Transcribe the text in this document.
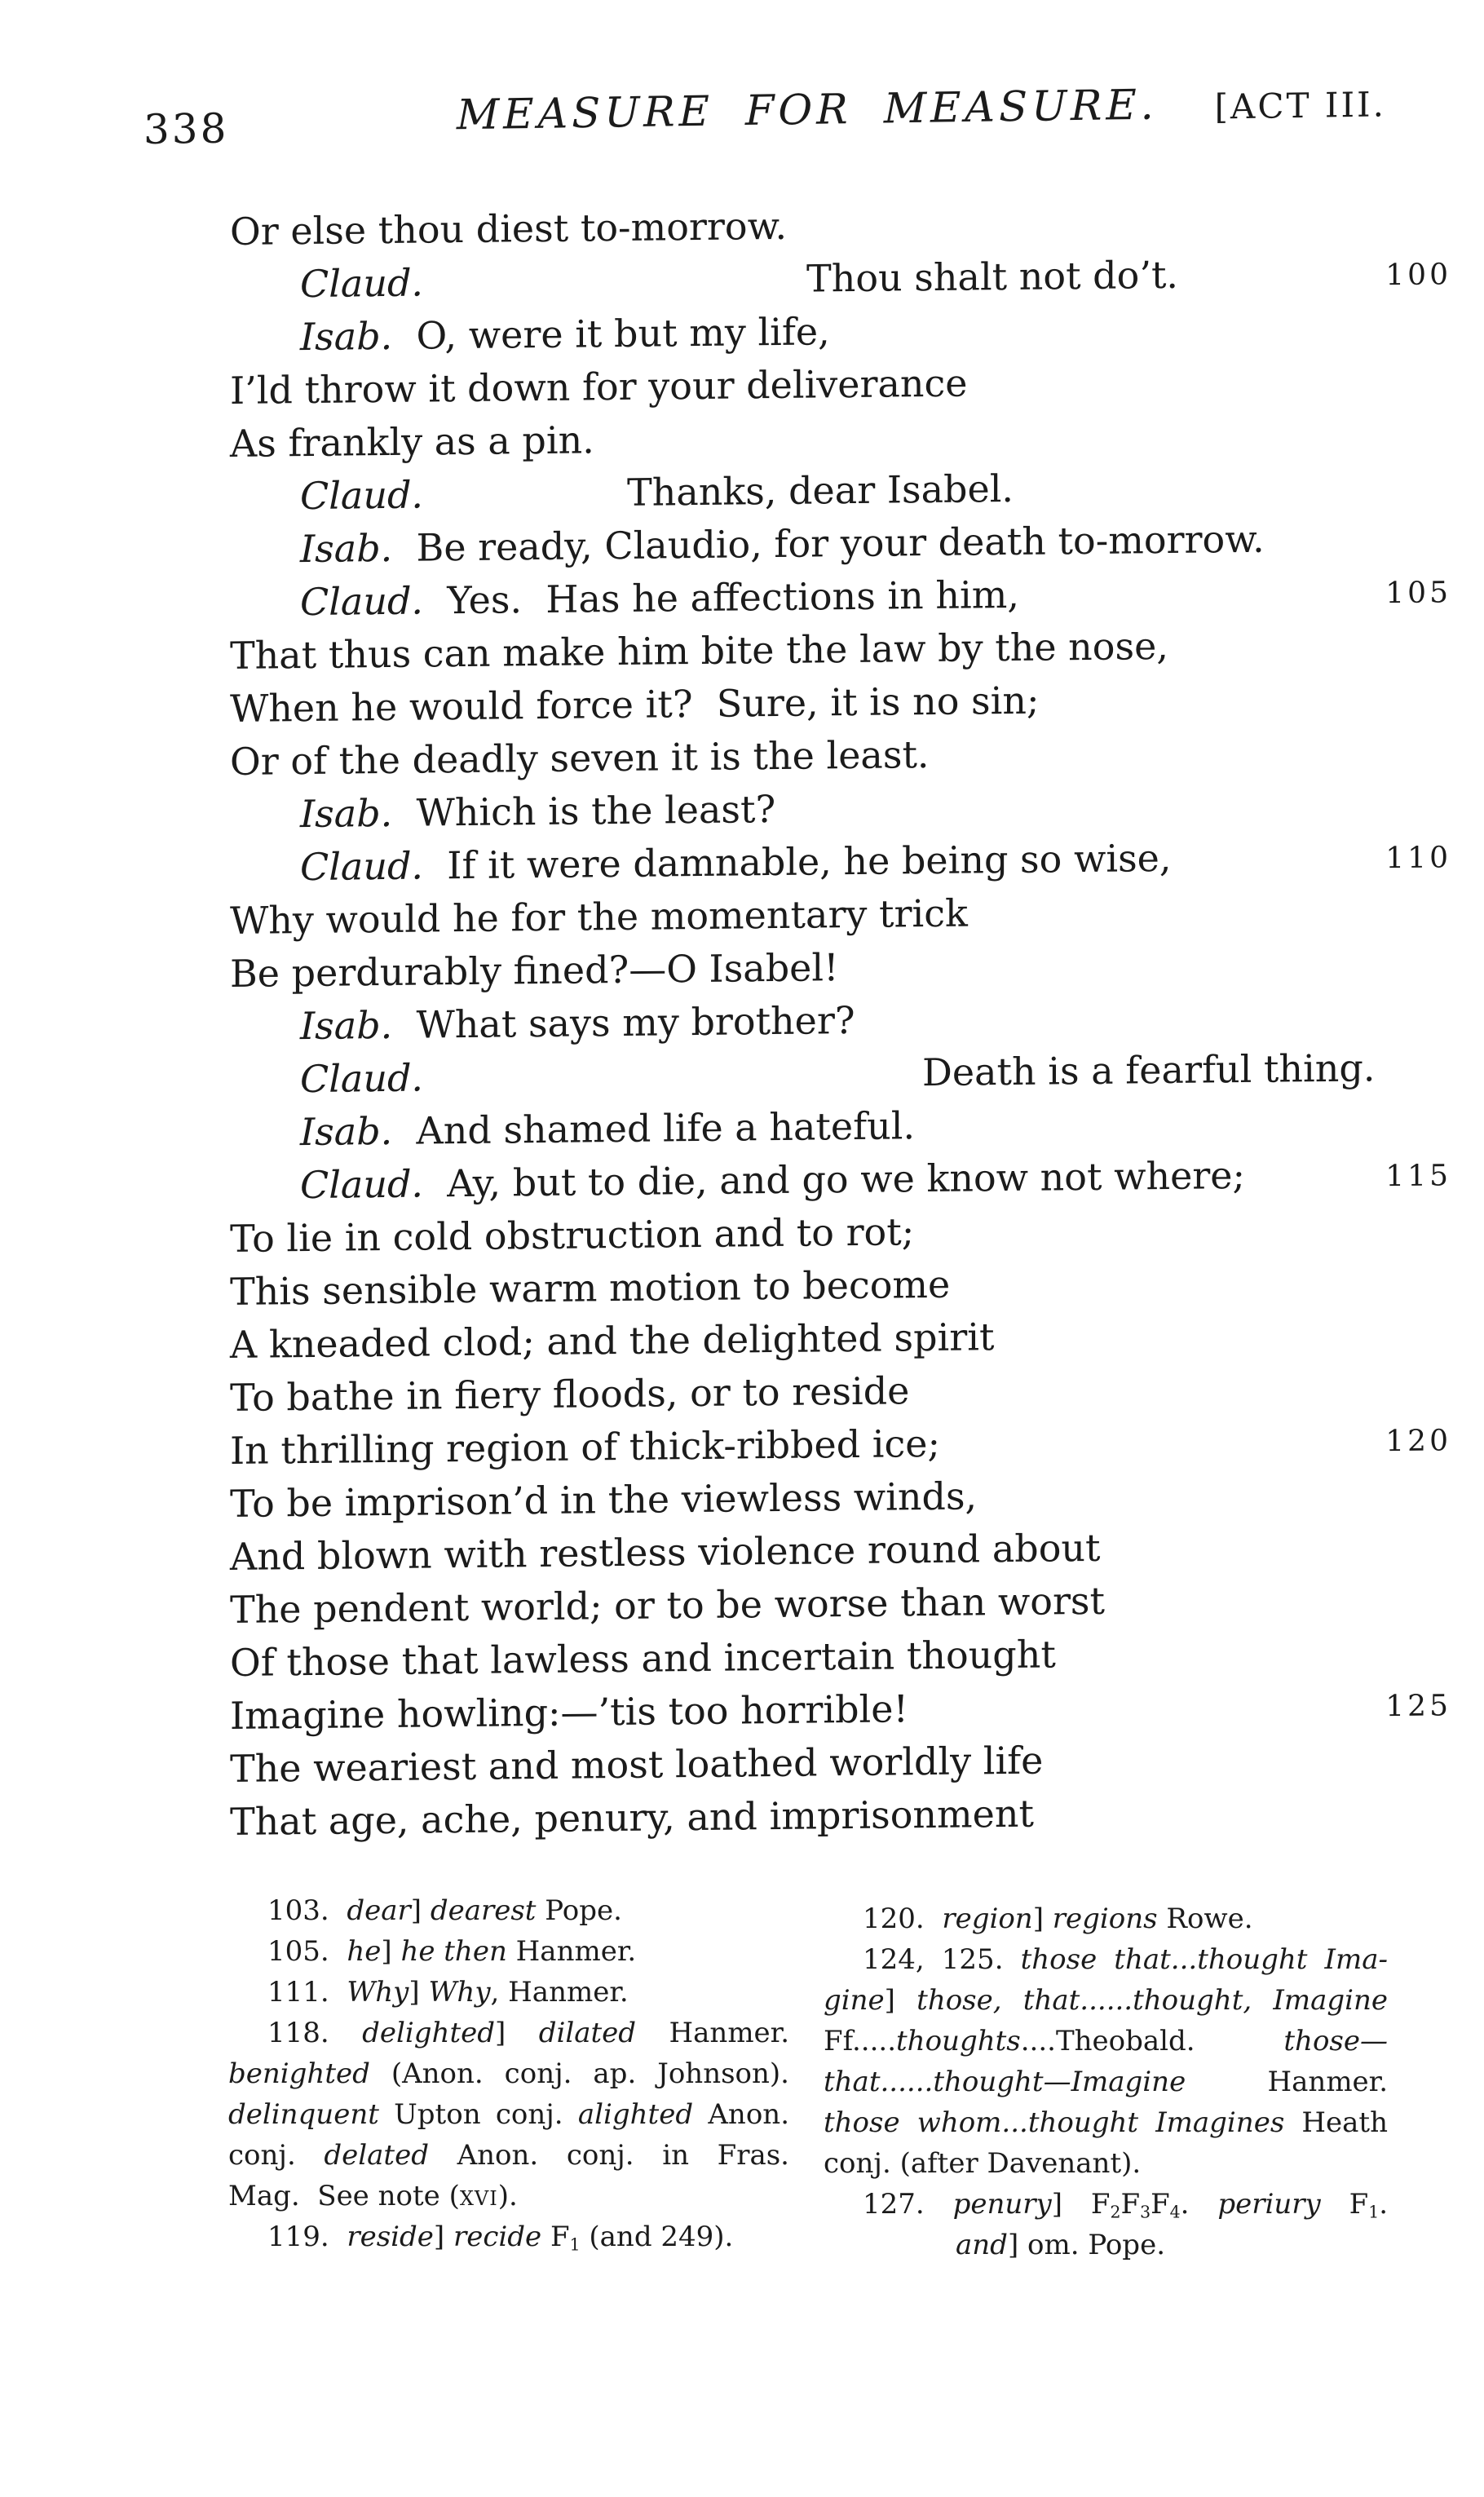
338	MEASURE FOR MEASURE. [ACT III.
Or else thou diest to-morrow.
Claud.	Thou shalt not do’t.	100
Isab.  O, were it but my life,
I’ld throw it down for your deliverance
As frankly as a pin.
Claud.	Thanks, dear Isabel.
Isab.  Be ready, Claudio, for your death to-morrow.
Claud.  Yes.  Has he affections in him,	105
That thus can make him bite the law by the nose,
When he would force it?  Sure, it is no sin;
Or of the deadly seven it is the least.
Isab.  Which is the least?
Claud.  If it were damnable, he being so wise,	110
Why would he for the momentary trick
Be perdurably fined?—O Isabel!
Isab.  What says my brother?
Claud.	Death is a fearful thing.
Isab.  And shamed life a hateful.
Claud.  Ay, but to die, and go we know not where;	115
To lie in cold obstruction and to rot;
This sensible warm motion to become
A kneaded clod; and the delighted spirit
To bathe in fiery floods, or to reside
In thrilling region of thick-ribbed ice;	120
To be imprison’d in the viewless winds,
And blown with restless violence round about
The pendent world; or to be worse than worst
Of those that lawless and incertain thought
Imagine howling:—’tis too horrible!	125
The weariest and most loathed worldly life
That age, ache, penury, and imprisonment
103.  dear] dearest Pope.
105.  he] he then Hanmer.
111.  Why] Why, Hanmer.
118. delighted] dilated Hanmer.
benighted (Anon. conj. ap. Johnson).
delinquent Upton conj. alighted Anon.
conj. delated Anon. conj. in Fras.
Mag.  See note (xvi).
119.  reside] recide F1 (and 249).
120.  region] regions Rowe.
124, 125. those that...thought Ima-
gine] those, that......thought, Imagine
Ff.....thoughts....Theobald. those—
that......thought—Imagine Hanmer.
those whom...thought Imagines Heath
conj. (after Davenant).
127. penury] F2F3F4. periury F1.
and] om. Pope.
